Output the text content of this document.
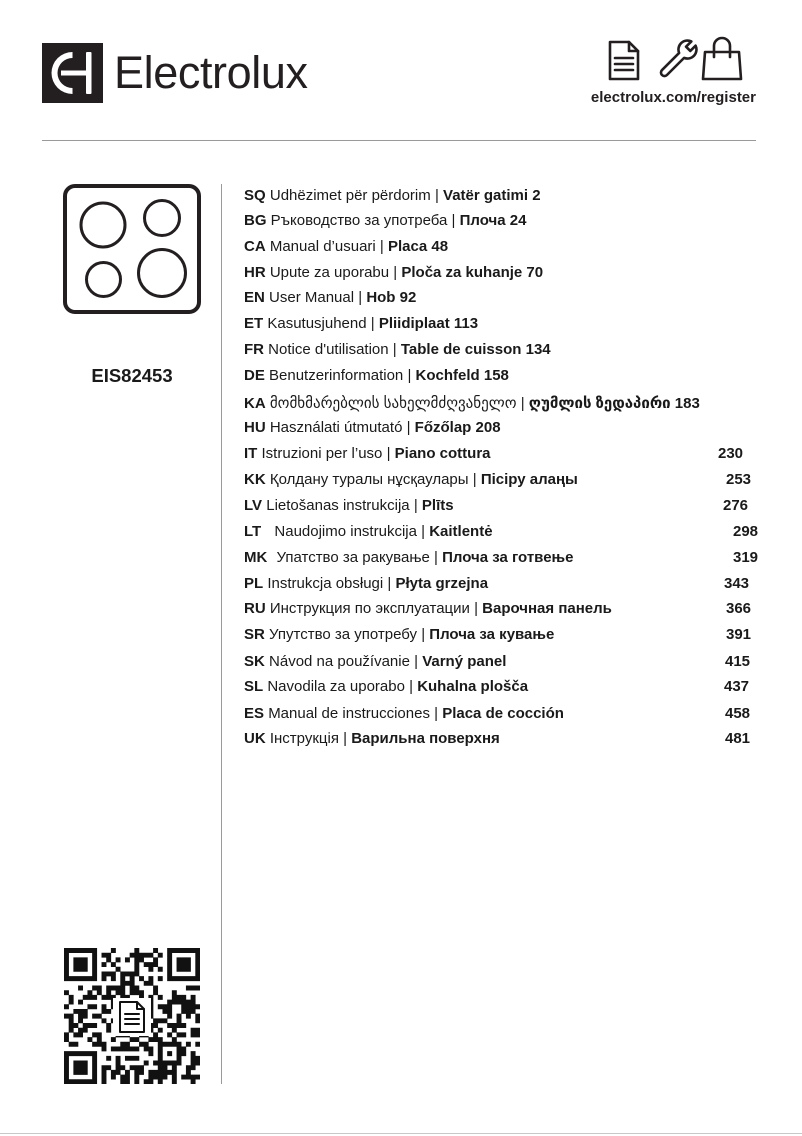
Electrolux	electrolux.com/register
EIS82453
SQ Udhëzimet për përdorim | Vatër gatimi 2
BG Ръководство за употреба | Плоча 24
CA Manual d’usuari | Placa 48
HR Upute za uporabu | Ploča za kuhanje 70
EN User Manual | Hob 92
ET Kasutusjuhend | Pliidiplaat 113
FR Notice d'utilisation | Table de cuisson 134
DE Benutzerinformation | Kochfeld 158
KA მომხმარებლის სახელმძღვანელო | ღუმლის ზედაპირი 183
HU Használati útmutató | Főzőlap 208
IT Istruzioni per l’uso | Piano cottura	230
KK Қолдану туралы нұсқаулары | Пісіру алаңы	253
LV Lietošanas instrukcija | Plīts	276
LT Naudojimo instrukcija | Kaitlentė	298
MK Упатство за ракување | Плоча за готвење	319
PL Instrukcja obsługi | Płyta grzejna	343
RU Инструкция по эксплуатации | Варочная панель	366
SR Упутство за употребу | Плоча за кување	391
SK Návod na používanie | Varný panel	415
SL Navodila za uporabo | Kuhalna plošča	437
ES Manual de instrucciones | Placa de cocción	458
UK Інструкція | Варильна поверхня	481
